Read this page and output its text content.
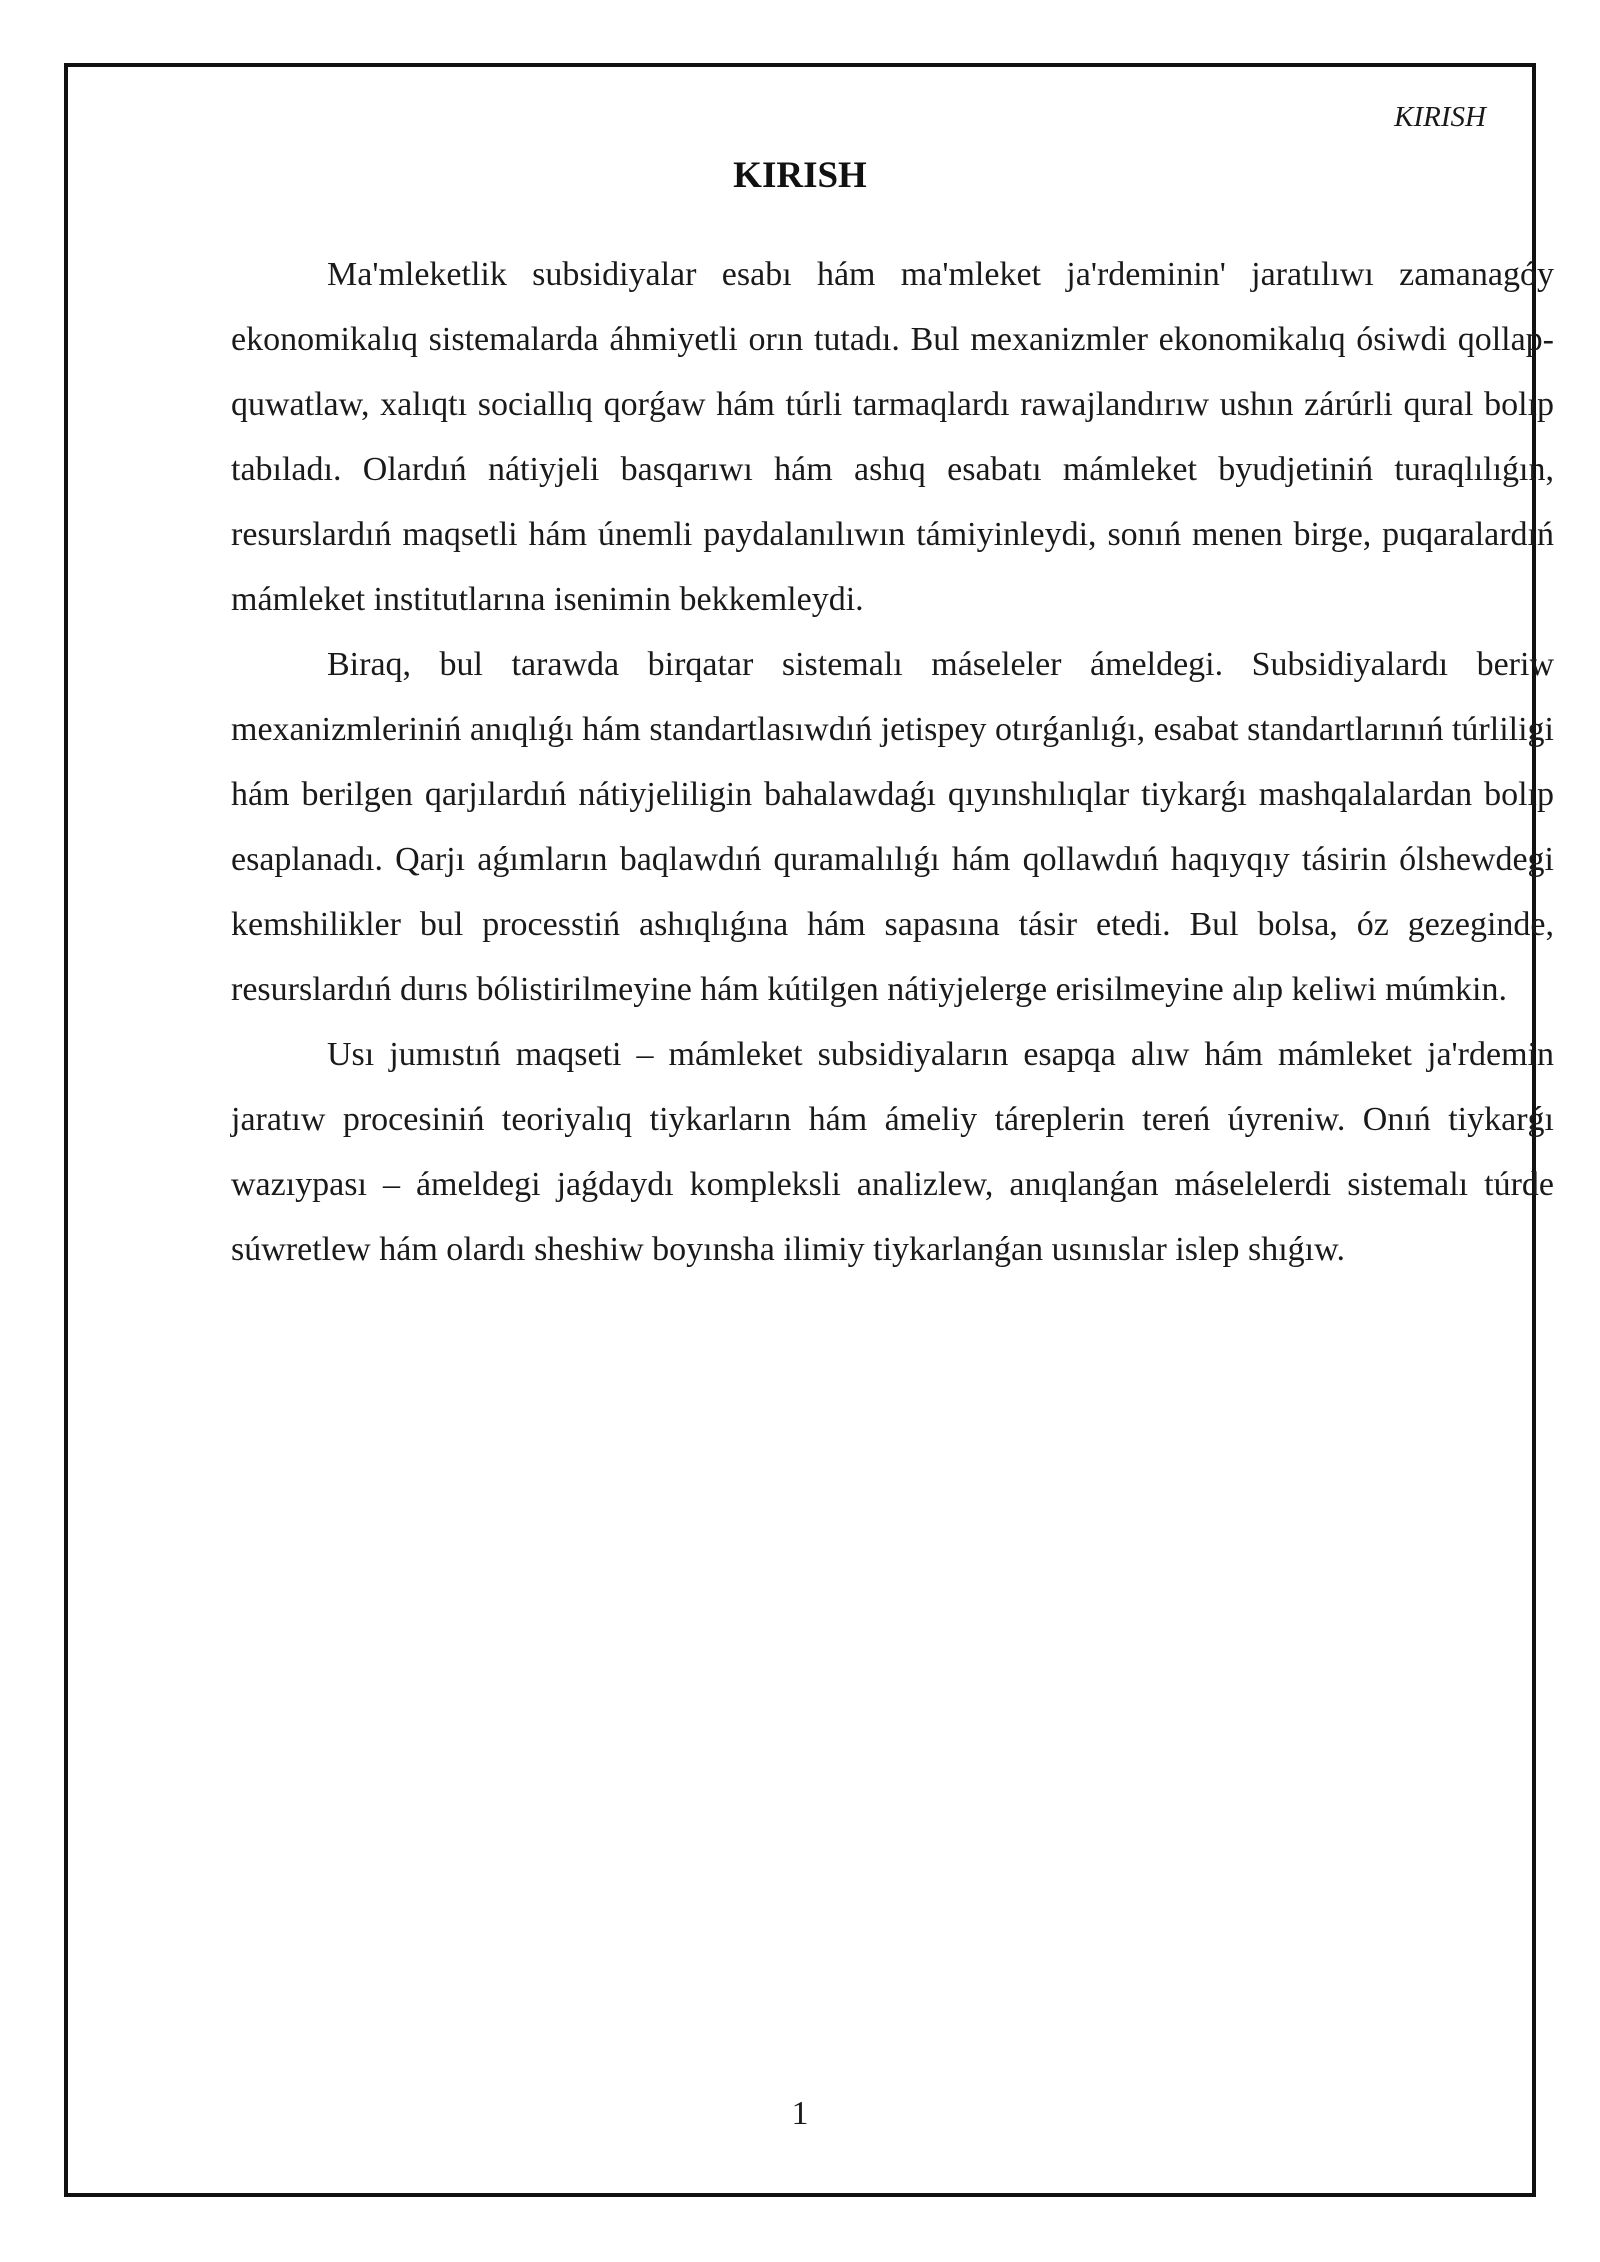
KIRISH
KIRISH

Ma'mleketlik subsidiyalar esabı hám ma'mleket ja'rdeminin' jaratılıwı zamanagóy ekonomikalıq sistemalarda áhmiyetli orın tutadı. Bul mexanizmler ekonomikalıq ósiwdi qollap-quwatlaw, xalıqtı sociallıq qorǵaw hám túrli tarmaqlardı rawajlandırıw ushın zárúrli qural bolıp tabıladı. Olardıń nátiyjeli basqarıwı hám ashıq esabatı mámleket byudjetiniń turaqlılıǵın, resurslardıń maqsetli hám únemli paydalanılıwın támiyinleydi, sonıń menen birge, puqaralardıń mámleket institutlarına isenimin bekkemleydi.

Biraq, bul tarawda birqatar sistemalı máseleler ámeldegi. Subsidiyalardı beriw mexanizmleriniń anıqlıǵı hám standartlasıwdıń jetispey otırǵanlıǵı, esabat standartlarınıń túrliligi hám berilgen qarjılardıń nátiyjeliligin bahalawdaǵı qıyınshılıqlar tiykarǵı mashqalalardan bolıp esaplanadı. Qarjı aǵımların baqlawdıń quramalılıǵı hám qollawdıń haqıyqıy tásirin ólshewdegi kemshilikler bul processtiń ashıqlıǵına hám sapasına tásir etedi. Bul bolsa, óz gezeginde, resurslardıń durıs bólistirilmeyine hám kútilgen nátiyjelerge erisilmeyine alıp keliwi múmkin.

Usı jumıstıń maqseti – mámleket subsidiyaların esapqa alıw hám mámleket ja'rdemin jaratıw procesiniń teoriyalıq tiykarların hám ámeliy táreplerin tereń úyreniw. Onıń tiykarǵı wazıypası – ámeldegi jaǵdaydı kompleksli analizlew, anıqlanǵan máselelerdi sistemalı túrde súwretlew hám olardı sheshiw boyınsha ilimiy tiykarlanǵan usınıslar islep shıǵıw.

1
